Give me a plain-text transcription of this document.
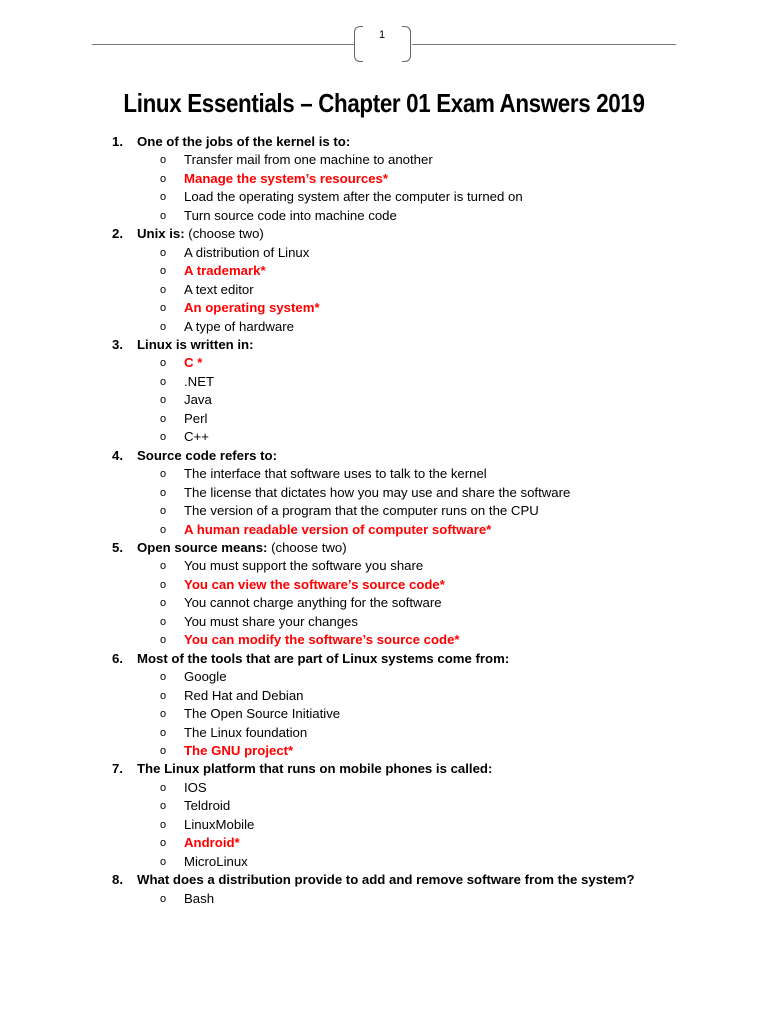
1
Linux Essentials – Chapter 01 Exam Answers 2019
1. One of the jobs of the kernel is to:
o Transfer mail from one machine to another
o Manage the system’s resources*
o Load the operating system after the computer is turned on
o Turn source code into machine code
2. Unix is: (choose two)
o A distribution of Linux
o A trademark*
o A text editor
o An operating system*
o A type of hardware
3. Linux is written in:
o C *
o .NET
o Java
o Perl
o C++
4. Source code refers to:
o The interface that software uses to talk to the kernel
o The license that dictates how you may use and share the software
o The version of a program that the computer runs on the CPU
o A human readable version of computer software*
5. Open source means: (choose two)
o You must support the software you share
o You can view the software’s source code*
o You cannot charge anything for the software
o You must share your changes
o You can modify the software’s source code*
6. Most of the tools that are part of Linux systems come from:
o Google
o Red Hat and Debian
o The Open Source Initiative
o The Linux foundation
o The GNU project*
7. The Linux platform that runs on mobile phones is called:
o IOS
o Teldroid
o LinuxMobile
o Android*
o MicroLinux
8. What does a distribution provide to add and remove software from the system?
o Bash
